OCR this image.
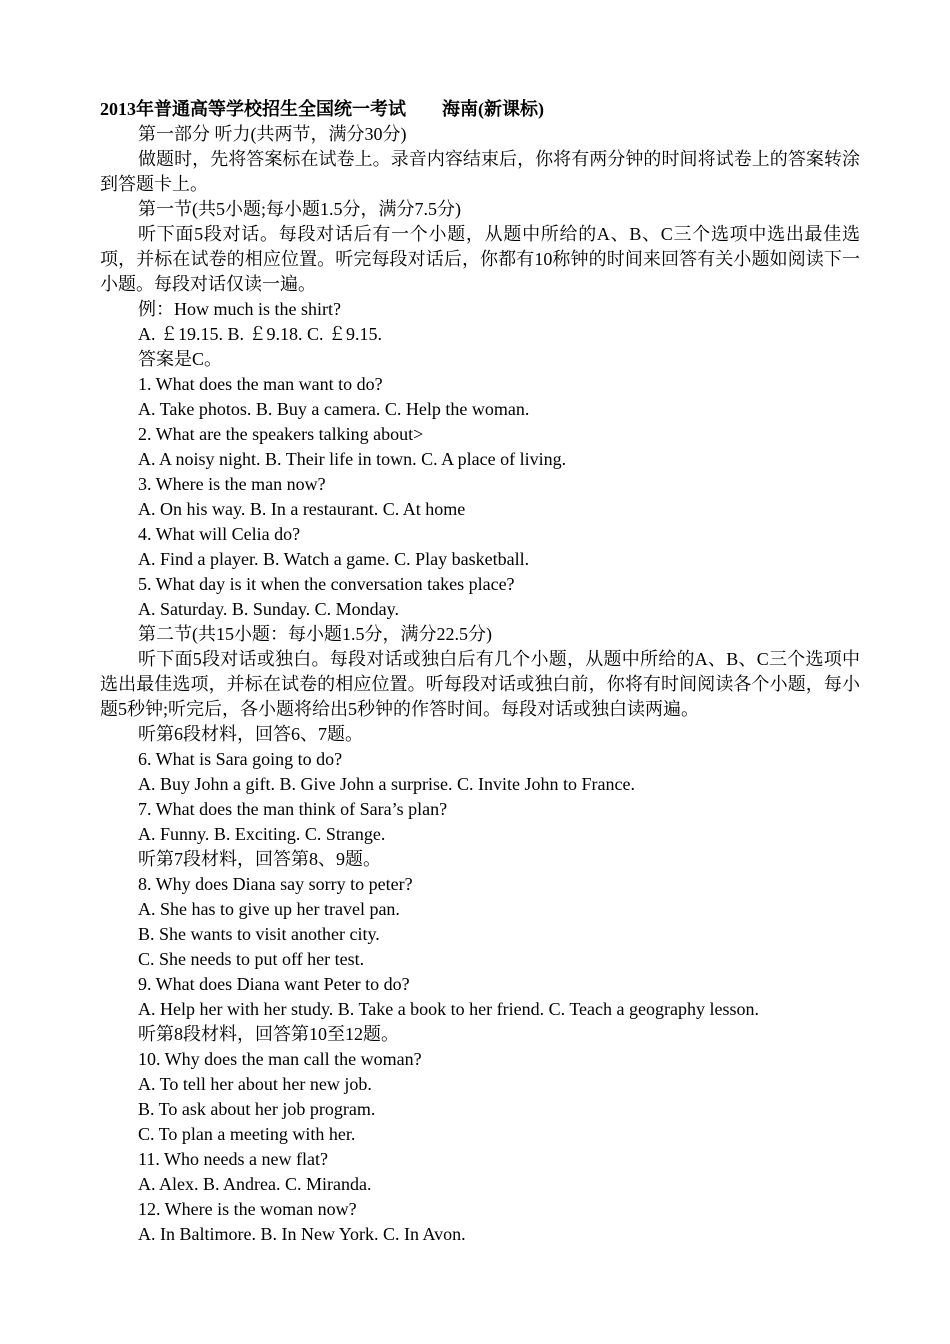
2013年普通高等学校招生全国统一考试 海南(新课标)
第一部分 听力(共两节，满分30分)
做题时，先将答案标在试卷上。录音内容结束后，你将有两分钟的时间将试卷上的答案转涂到答题卡上。
第一节(共5小题;每小题1.5分，满分7.5分)
听下面5段对话。每段对话后有一个小题，从题中所给的A、B、C三个选项中选出最佳选项，并标在试卷的相应位置。听完每段对话后，你都有10称钟的时间来回答有关小题如阅读下一小题。每段对话仅读一遍。
例：How much is the shirt?
A. ￡19.15. B. ￡9.18. C. ￡9.15.
答案是C。
1. What does the man want to do?
A. Take photos. B. Buy a camera. C. Help the woman.
2. What are the speakers talking about>
A. A noisy night. B. Their life in town. C. A place of living.
3. Where is the man now?
A. On his way. B. In a restaurant. C. At home
4. What will Celia do?
A. Find a player. B. Watch a game. C. Play basketball.
5. What day is it when the conversation takes place?
A. Saturday. B. Sunday. C. Monday.
第二节(共15小题：每小题1.5分，满分22.5分)
听下面5段对话或独白。每段对话或独白后有几个小题，从题中所给的A、B、C三个选项中选出最佳选项，并标在试卷的相应位置。听每段对话或独白前，你将有时间阅读各个小题，每小题5秒钟;听完后，各小题将给出5秒钟的作答时间。每段对话或独白读两遍。
听第6段材料，回答6、7题。
6. What is Sara going to do?
A. Buy John a gift. B. Give John a surprise. C. Invite John to France.
7. What does the man think of Sara’s plan?
A. Funny. B. Exciting. C. Strange.
听第7段材料，回答第8、9题。
8. Why does Diana say sorry to peter?
A. She has to give up her travel pan.
B. She wants to visit another city.
C. She needs to put off her test.
9. What does Diana want Peter to do?
A. Help her with her study. B. Take a book to her friend. C. Teach a geography lesson.
听第8段材料，回答第10至12题。
10. Why does the man call the woman?
A. To tell her about her new job.
B. To ask about her job program.
C. To plan a meeting with her.
11. Who needs a new flat?
A. Alex. B. Andrea. C. Miranda.
12. Where is the woman now?
A. In Baltimore. B. In New York. C. In Avon.
